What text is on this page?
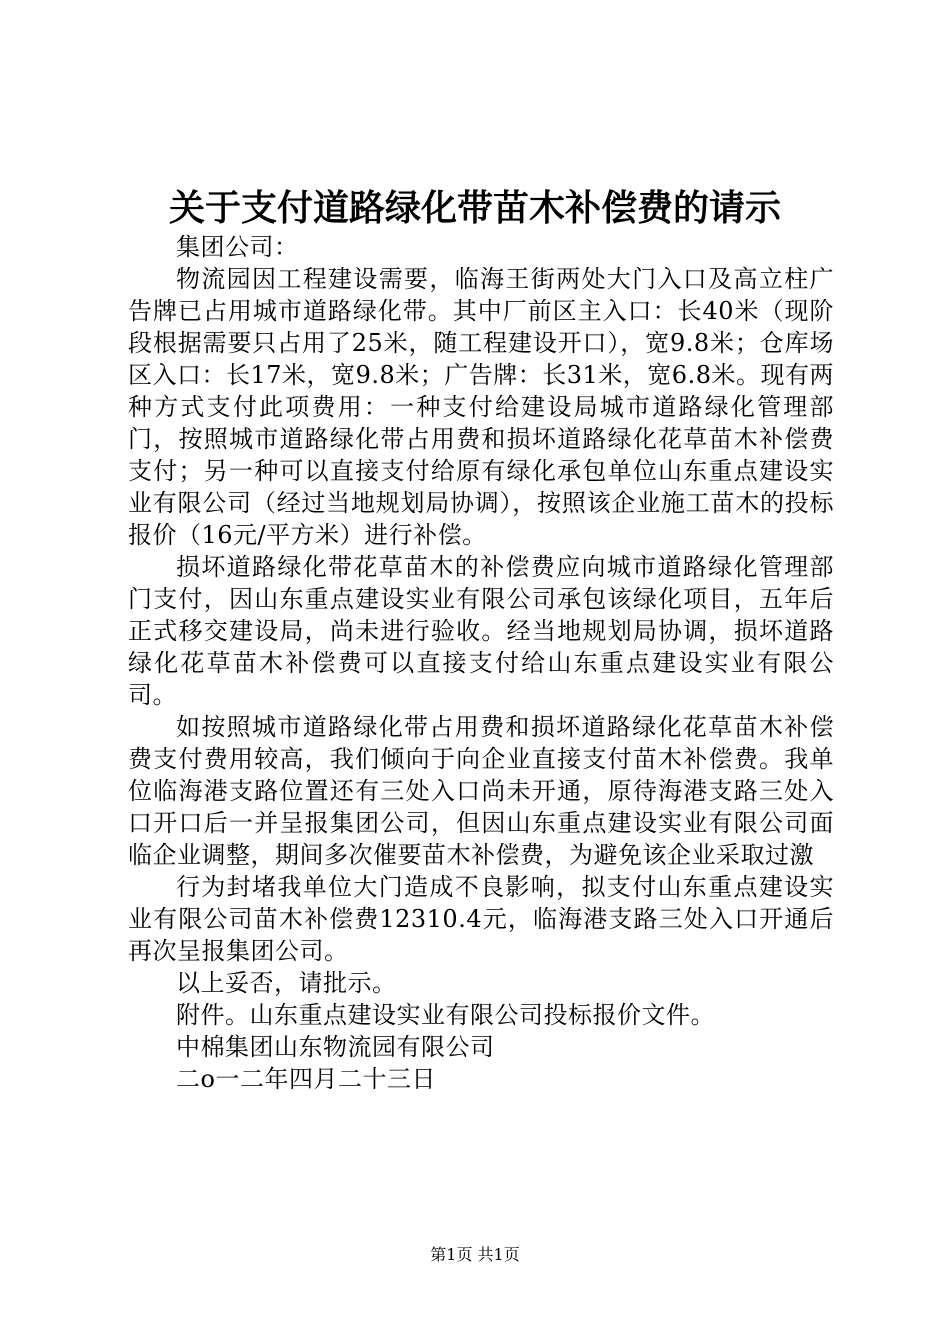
关于支付道路绿化带苗木补偿费的请示

集团公司：

物流园因工程建设需要，临海王街两处大门入口及高立柱广告牌已占用城市道路绿化带。其中厂前区主入口：长40米（现阶段根据需要只占用了25米，随工程建设开口），宽9.8米；仓库场区入口：长17米，宽9.8米；广告牌：长31米，宽6.8米。现有两种方式支付此项费用：一种支付给建设局城市道路绿化管理部门，按照城市道路绿化带占用费和损坏道路绿化花草苗木补偿费支付；另一种可以直接支付给原有绿化承包单位山东重点建设实业有限公司（经过当地规划局协调），按照该企业施工苗木的投标报价（16元/平方米）进行补偿。

损坏道路绿化带花草苗木的补偿费应向城市道路绿化管理部门支付，因山东重点建设实业有限公司承包该绿化项目，五年后正式移交建设局，尚未进行验收。经当地规划局协调，损坏道路绿化花草苗木补偿费可以直接支付给山东重点建设实业有限公司。

如按照城市道路绿化带占用费和损坏道路绿化花草苗木补偿费支付费用较高，我们倾向于向企业直接支付苗木补偿费。我单位临海港支路位置还有三处入口尚未开通，原待海港支路三处入口开口后一并呈报集团公司，但因山东重点建设实业有限公司面临企业调整，期间多次催要苗木补偿费，为避免该企业采取过激

行为封堵我单位大门造成不良影响，拟支付山东重点建设实业有限公司苗木补偿费12310.4元，临海港支路三处入口开通后再次呈报集团公司。

以上妥否，请批示。

附件。山东重点建设实业有限公司投标报价文件。

中棉集团山东物流园有限公司

二o一二年四月二十三日

第1页 共1页
